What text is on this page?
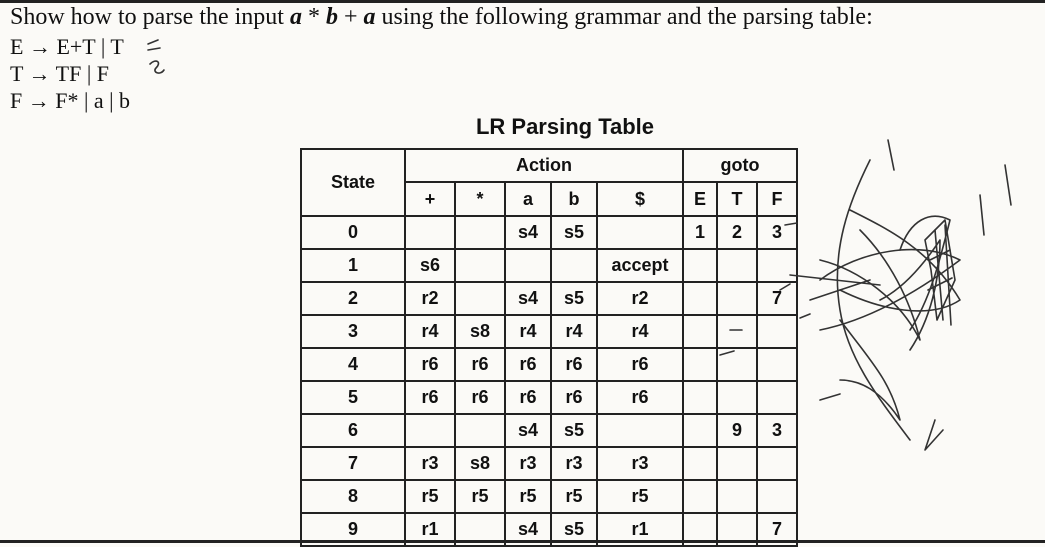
Show how to parse the input a * b + a using the following grammar and the parsing table:
E → E+T | T
T → TF | F
F → F* | a | b
LR Parsing Table
State	Action					goto		
	+	*	a	b	$	E	T	F
0			s4	s5		1	2	3
1	s6				accept			
2	r2		s4	s5	r2			7
3	r4	s8	r4	r4	r4			
4	r6	r6	r6	r6	r6			
5	r6	r6	r6	r6	r6			
6			s4	s5			9	3
7	r3	s8	r3	r3	r3			
8	r5	r5	r5	r5	r5			
9	r1		s4	s5	r1			7
